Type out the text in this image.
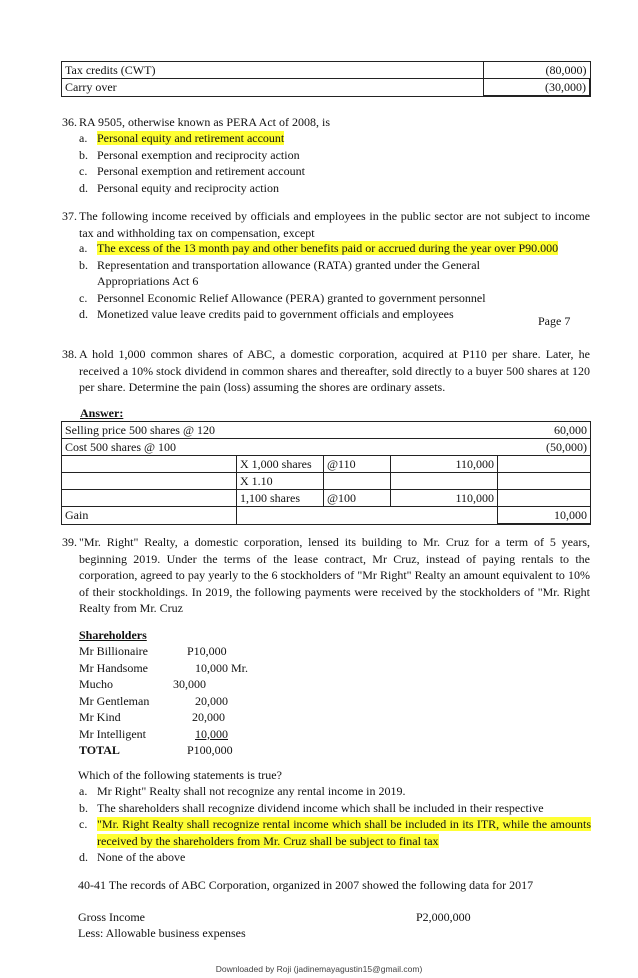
Tax credits (CWT)	(80,000)
Carry over	(30,000)
36. RA 9505, otherwise known as PERA Act of 2008, is
a. Personal equity and retirement account
b. Personal exemption and reciprocity action
c. Personal exemption and retirement account
d. Personal equity and reciprocity action
37. The following income received by officials and employees in the public sector are not subject to income tax and withholding tax on compensation, except
a. The excess of the 13 month pay and other benefits paid or accrued during the year over P90.000
b. Representation and transportation allowance (RATA) granted under the General Appropriations Act 6
c. Personnel Economic Relief Allowance (PERA) granted to government personnel
d. Monetized value leave credits paid to government officials and employees	Page 7
38. A hold 1,000 common shares of ABC, a domestic corporation, acquired at P110 per share. Later, he received a 10% stock dividend in common shares and thereafter, sold directly to a buyer 500 shares at 120 per share. Determine the pain (loss) assuming the shores are ordinary assets.
Answer:
Selling price 500 shares @ 120				60,000
Cost 500 shares @ 100				(50,000)
	X 1,000 shares	@110	110,000	
	X 1.10			
	1,100 shares	@100	110,000	
Gain				10,000
39. "Mr. Right" Realty, a domestic corporation, lensed its building to Mr. Cruz for a term of 5 years, beginning 2019. Under the terms of the lease contract, Mr Cruz, instead of paying rentals to the corporation, agreed to pay yearly to the 6 stockholders of "Mr Right" Realty an amount equivalent to 10% of their stockholdings. In 2019, the following payments were received by the stockholders of "Mr. Right Realty from Mr. Cruz
Shareholders
Mr Billionaire	P10,000
Mr Handsome	10,000 Mr.
Mucho	30,000
Mr Gentleman	20,000
Mr Kind	20,000
Mr Intelligent	10,000
TOTAL	P100,000
Which of the following statements is true?
a. Mr Right" Realty shall not recognize any rental income in 2019.
b. The shareholders shall recognize dividend income which shall be included in their respective
c. "Mr. Right Realty shall recognize rental income which shall be included in its ITR, while the amounts received by the shareholders from Mr. Cruz shall be subject to final tax
d. None of the above
40-41 The records of ABC Corporation, organized in 2007 showed the following data for 2017
Gross Income	P2,000,000
Less: Allowable business expenses
Downloaded by Roji (jadinemayagustin15@gmail.com)
